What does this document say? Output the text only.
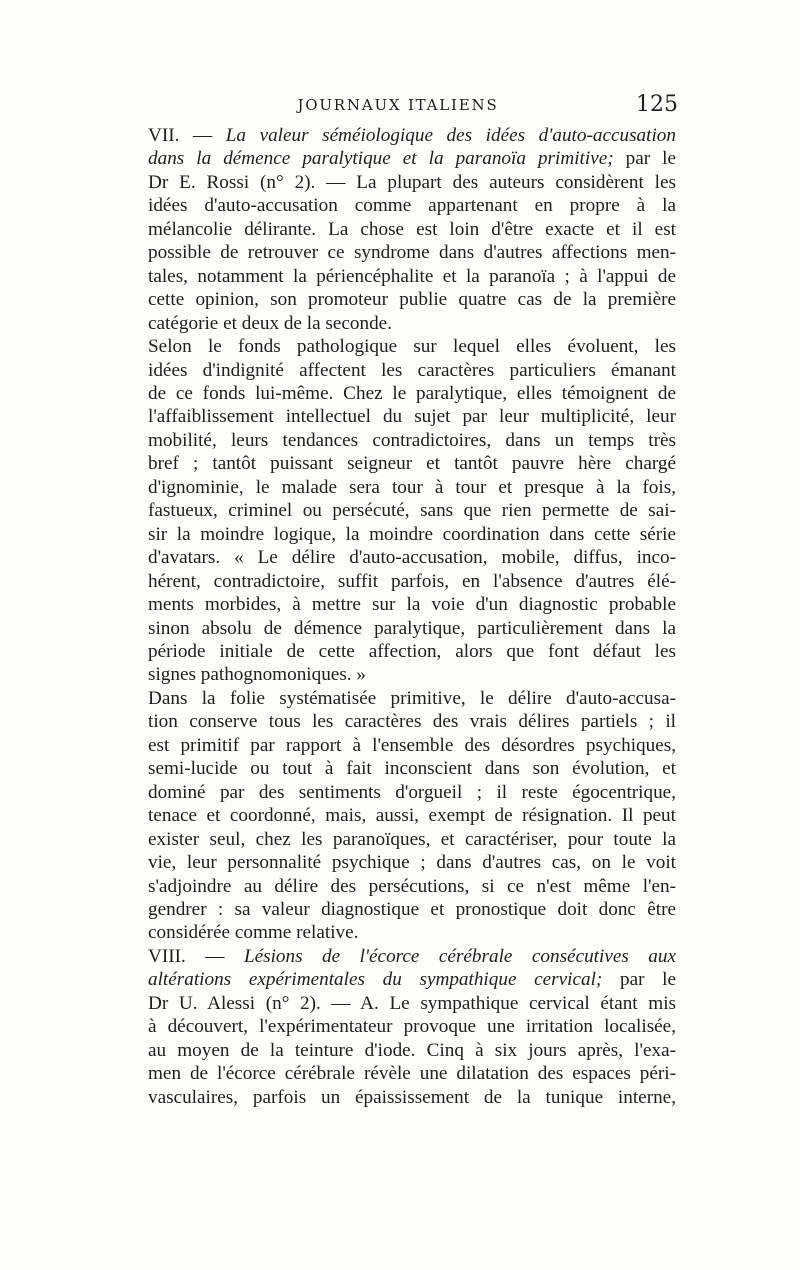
JOURNAUX ITALIENS	125

VII. — La valeur séméiologique des idées d'auto-accusation
dans la démence paralytique et la paranoïa primitive; par le
Dr E. Rossi (n° 2). — La plupart des auteurs considèrent les
idées d'auto-accusation comme appartenant en propre à la
mélancolie délirante. La chose est loin d'être exacte et il est
possible de retrouver ce syndrome dans d'autres affections men-
tales, notamment la périencéphalite et la paranoïa ; à l'appui de
cette opinion, son promoteur publie quatre cas de la première
catégorie et deux de la seconde.

Selon le fonds pathologique sur lequel elles évoluent, les
idées d'indignité affectent les caractères particuliers émanant
de ce fonds lui-même. Chez le paralytique, elles témoignent de
l'affaiblissement intellectuel du sujet par leur multiplicité, leur
mobilité, leurs tendances contradictoires, dans un temps très
bref ; tantôt puissant seigneur et tantôt pauvre hère chargé
d'ignominie, le malade sera tour à tour et presque à la fois,
fastueux, criminel ou persécuté, sans que rien permette de sai-
sir la moindre logique, la moindre coordination dans cette série
d'avatars. « Le délire d'auto-accusation, mobile, diffus, inco-
hérent, contradictoire, suffit parfois, en l'absence d'autres élé-
ments morbides, à mettre sur la voie d'un diagnostic probable
sinon absolu de démence paralytique, particulièrement dans la
période initiale de cette affection, alors que font défaut les
signes pathognomoniques. »

Dans la folie systématisée primitive, le délire d'auto-accusa-
tion conserve tous les caractères des vrais délires partiels ; il
est primitif par rapport à l'ensemble des désordres psychiques,
semi-lucide ou tout à fait inconscient dans son évolution, et
dominé par des sentiments d'orgueil ; il reste égocentrique,
tenace et coordonné, mais, aussi, exempt de résignation. Il peut
exister seul, chez les paranoïques, et caractériser, pour toute la
vie, leur personnalité psychique ; dans d'autres cas, on le voit
s'adjoindre au délire des persécutions, si ce n'est même l'en-
gendrer : sa valeur diagnostique et pronostique doit donc être
considérée comme relative.

VIII. — Lésions de l'écorce cérébrale consécutives aux
altérations expérimentales du sympathique cervical; par le
Dr U. Alessi (n° 2). — A. Le sympathique cervical étant mis
à découvert, l'expérimentateur provoque une irritation localisée,
au moyen de la teinture d'iode. Cinq à six jours après, l'exa-
men de l'écorce cérébrale révèle une dilatation des espaces péri-
vasculaires, parfois un épaississement de la tunique interne,
